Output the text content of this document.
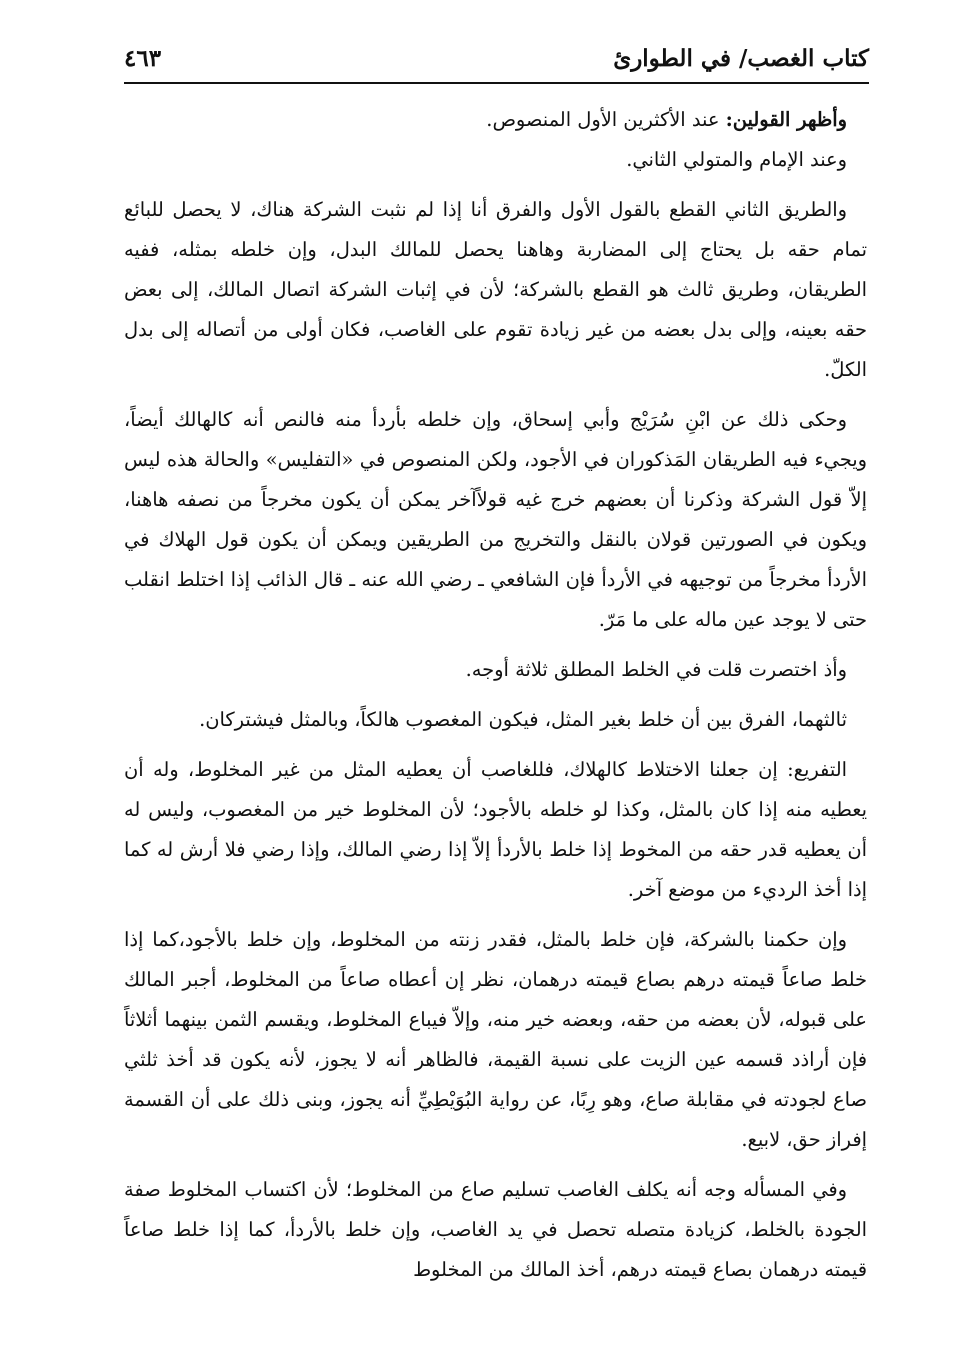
كتاب الغصب/ في الطوارئ
٤٦٣

وأظهر القولين: عند الأكثرين الأول المنصوص.

وعند الإمام والمتولي الثاني.

والطريق الثاني القطع بالقول الأول والفرق أنا إذا لم نثبت الشركة هناك، لا يحصل للبائع تمام حقه بل يحتاج إلى المضاربة وهاهنا يحصل للمالك البدل، وإن خلطه بمثله، ففيه الطريقان، وطريق ثالث هو القطع بالشركة؛ لأن في إثبات الشركة اتصال المالك، إلى بعض حقه بعينه، وإلى بدل بعضه من غير زيادة تقوم على الغاصب، فكان أولى من أتصاله إلى بدل الكلّ.

وحكى ذلك عن ابْنِ سُرَيْج وأبي إسحاق، وإن خلطه بأردأ منه فالنص أنه كالهالك أيضاً، ويجيء فيه الطريقان المَذكوران في الأجود، ولكن المنصوص في «التفليس» والحالة هذه ليس إلاّ قول الشركة وذكرنا أن بعضهم خرج غيه قولاًآخر يمكن أن يكون مخرجاً من نصفه هاهنا، ويكون في الصورتين قولان بالنقل والتخريج من الطريقين ويمكن أن يكون قول الهلاك في الأردأ مخرجاً من توجيهه في الأردأ فإن الشافعي ـ رضي الله عنه ـ قال الذائب إذا اختلط انقلب حتى لا يوجد عين ماله على ما مَرّ.

وأذ اختصرت قلت في الخلط المطلق ثلاثة أوجه.

ثالثهما، الفرق بين أن خلط بغير المثل، فيكون المغصوب هالكاً، وبالمثل فيشتركان.

التفريع: إن جعلنا الاختلاط كالهلاك، فللغاصب أن يعطيه المثل من غير المخلوط، وله أن يعطيه منه إذا كان بالمثل، وكذا لو خلطه بالأجود؛ لأن المخلوط خير من المغصوب، وليس له أن يعطيه قدر حقه من المخوط إذا خلط بالأردأ إلاّ إذا رضي المالك، وإذا رضي فلا أرش له كما إذا أخذ الرديء من موضع آخر.

وإن حكمنا بالشركة، فإن خلط بالمثل، فقدر زنته من المخلوط، وإن خلط بالأجود،كما إذا خلط صاعاً قيمته درهم بصاع قيمته درهمان، نظر إن أعطاه صاعاً من المخلوط، أجبر المالك على قبوله، لأن بعضه من حقه، وبعضه خير منه، وإلاّ فيباع المخلوط، ويقسم الثمن بينهما أثلاثاً فإن أراذد قسمه عين الزيت على نسبة القيمة، فالظاهر أنه لا يجوز، لأنه يكون قد أخذ ثلثي صاع لجودته في مقابلة صاع، وهو رِبًا، عن رواية البُوَيْطِيِّ أنه يجوز، وبنى ذلك على أن القسمة إفراز حق، لابيع.

وفي المسأله وجه أنه يكلف الغاصب تسليم صاع من المخلوط؛ لأن اكتساب المخلوط صفة الجودة بالخلط، كزيادة متصله تحصل في يد الغاصب، وإن خلط بالأردأ، كما إذا خلط صاعاً قيمته درهمان بصاع قيمته درهم، أخذ المالك من المخلوط
